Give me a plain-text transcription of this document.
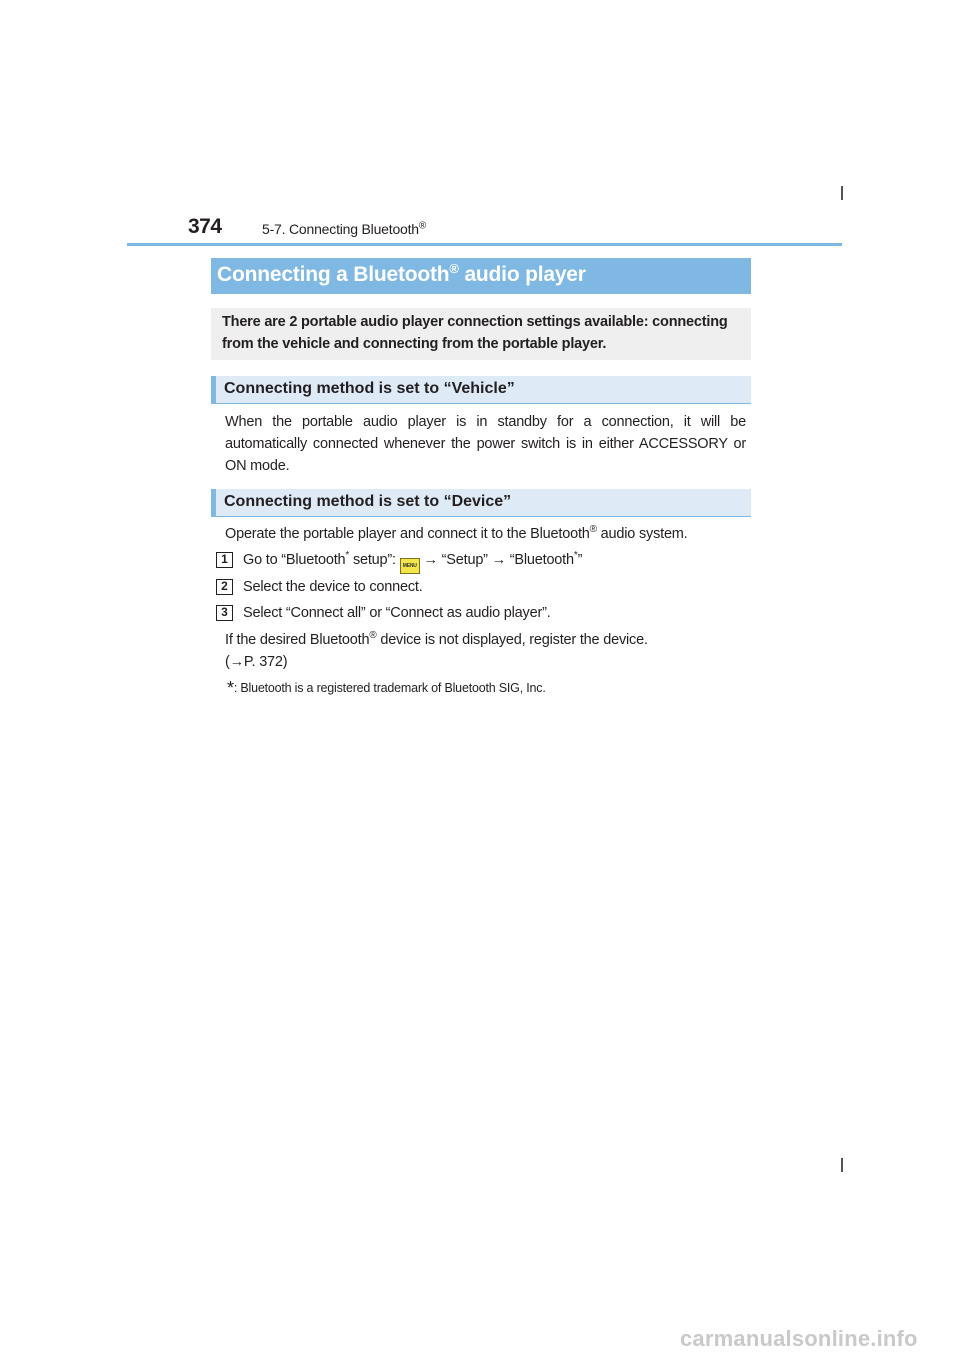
374	5-7. Connecting Bluetooth®
Connecting a Bluetooth® audio player
There are 2 portable audio player connection settings available: connecting
from the vehicle and connecting from the portable player.
Connecting method is set to “Vehicle”
When the portable audio player is in standby for a connection, it will be automatically connected whenever the power switch is in either ACCESSORY or ON mode.
Connecting method is set to “Device”
Operate the portable player and connect it to the Bluetooth® audio system.
1	Go to “Bluetooth* setup”: MENU → “Setup” → “Bluetooth*”
2	Select the device to connect.
3	Select “Connect all” or “Connect as audio player”.
If the desired Bluetooth® device is not displayed, register the device.
(→P. 372)
*: Bluetooth is a registered trademark of Bluetooth SIG, Inc.
carmanualsonline.info
